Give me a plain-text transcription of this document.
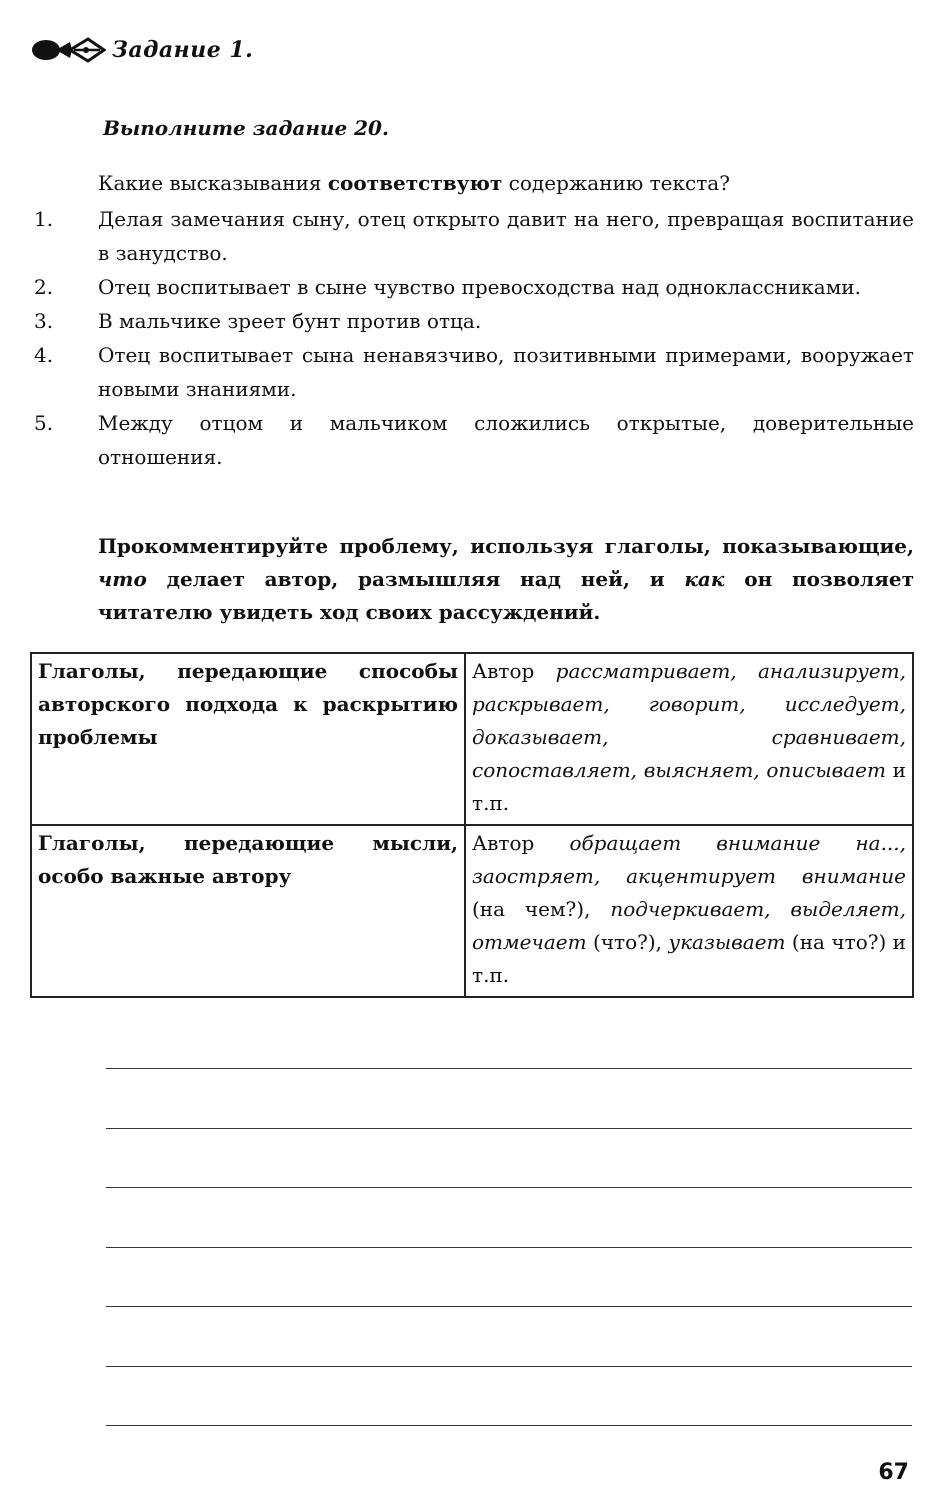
Задание 1.
Выполните задание 20.
Какие высказывания соответствуют содержанию текста?
1.	Делая замечания сыну, отец открыто давит на него, превращая воспитание в занудство.
2.	Отец воспитывает в сыне чувство превосходства над одноклассниками.
3.	В мальчике зреет бунт против отца.
4.	Отец воспитывает сына ненавязчиво, позитивными примерами, вооружает новыми знаниями.
5.	Между отцом и мальчиком сложились открытые, доверительные отношения.
Прокомментируйте проблему, используя глаголы, показывающие, что делает автор, размышляя над ней, и как он позволяет читателю увидеть ход своих рассуждений.
Глаголы, передающие способы авторского подхода к раскрытию проблемы	Автор рассматривает, анализирует, раскрывает, говорит, исследует, доказывает, сравнивает, сопоставляет, выясняет, описывает и т.п.
Глаголы, передающие мысли, особо важные автору	Автор обращает внимание на..., заостряет, акцентирует внимание (на чем?), подчеркивает, выделяет, отмечает (что?), указывает (на что?) и т.п.
67
